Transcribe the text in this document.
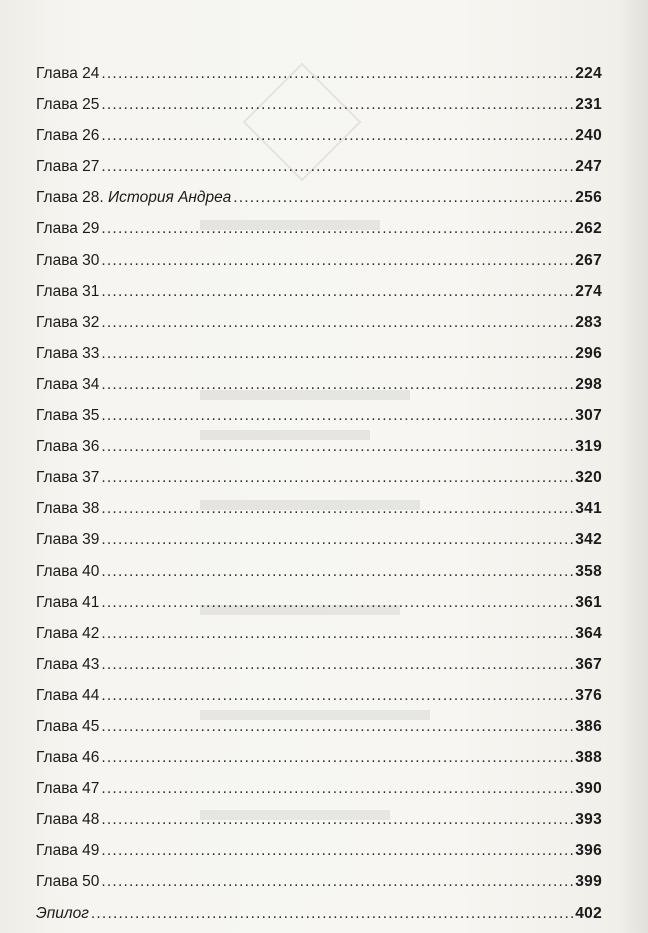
Глава 24 .....	224
Глава 25 .....	231
Глава 26 .....	240
Глава 27 .....	247
Глава 28. История Андреа .....	256
Глава 29 .....	262
Глава 30 .....	267
Глава 31 .....	274
Глава 32 .....	283
Глава 33 .....	296
Глава 34 .....	298
Глава 35 .....	307
Глава 36 .....	319
Глава 37 .....	320
Глава 38 .....	341
Глава 39 .....	342
Глава 40 .....	358
Глава 41 .....	361
Глава 42 .....	364
Глава 43 .....	367
Глава 44 .....	376
Глава 45 .....	386
Глава 46 .....	388
Глава 47 .....	390
Глава 48 .....	393
Глава 49 .....	396
Глава 50 .....	399
Эпилог .....	402
